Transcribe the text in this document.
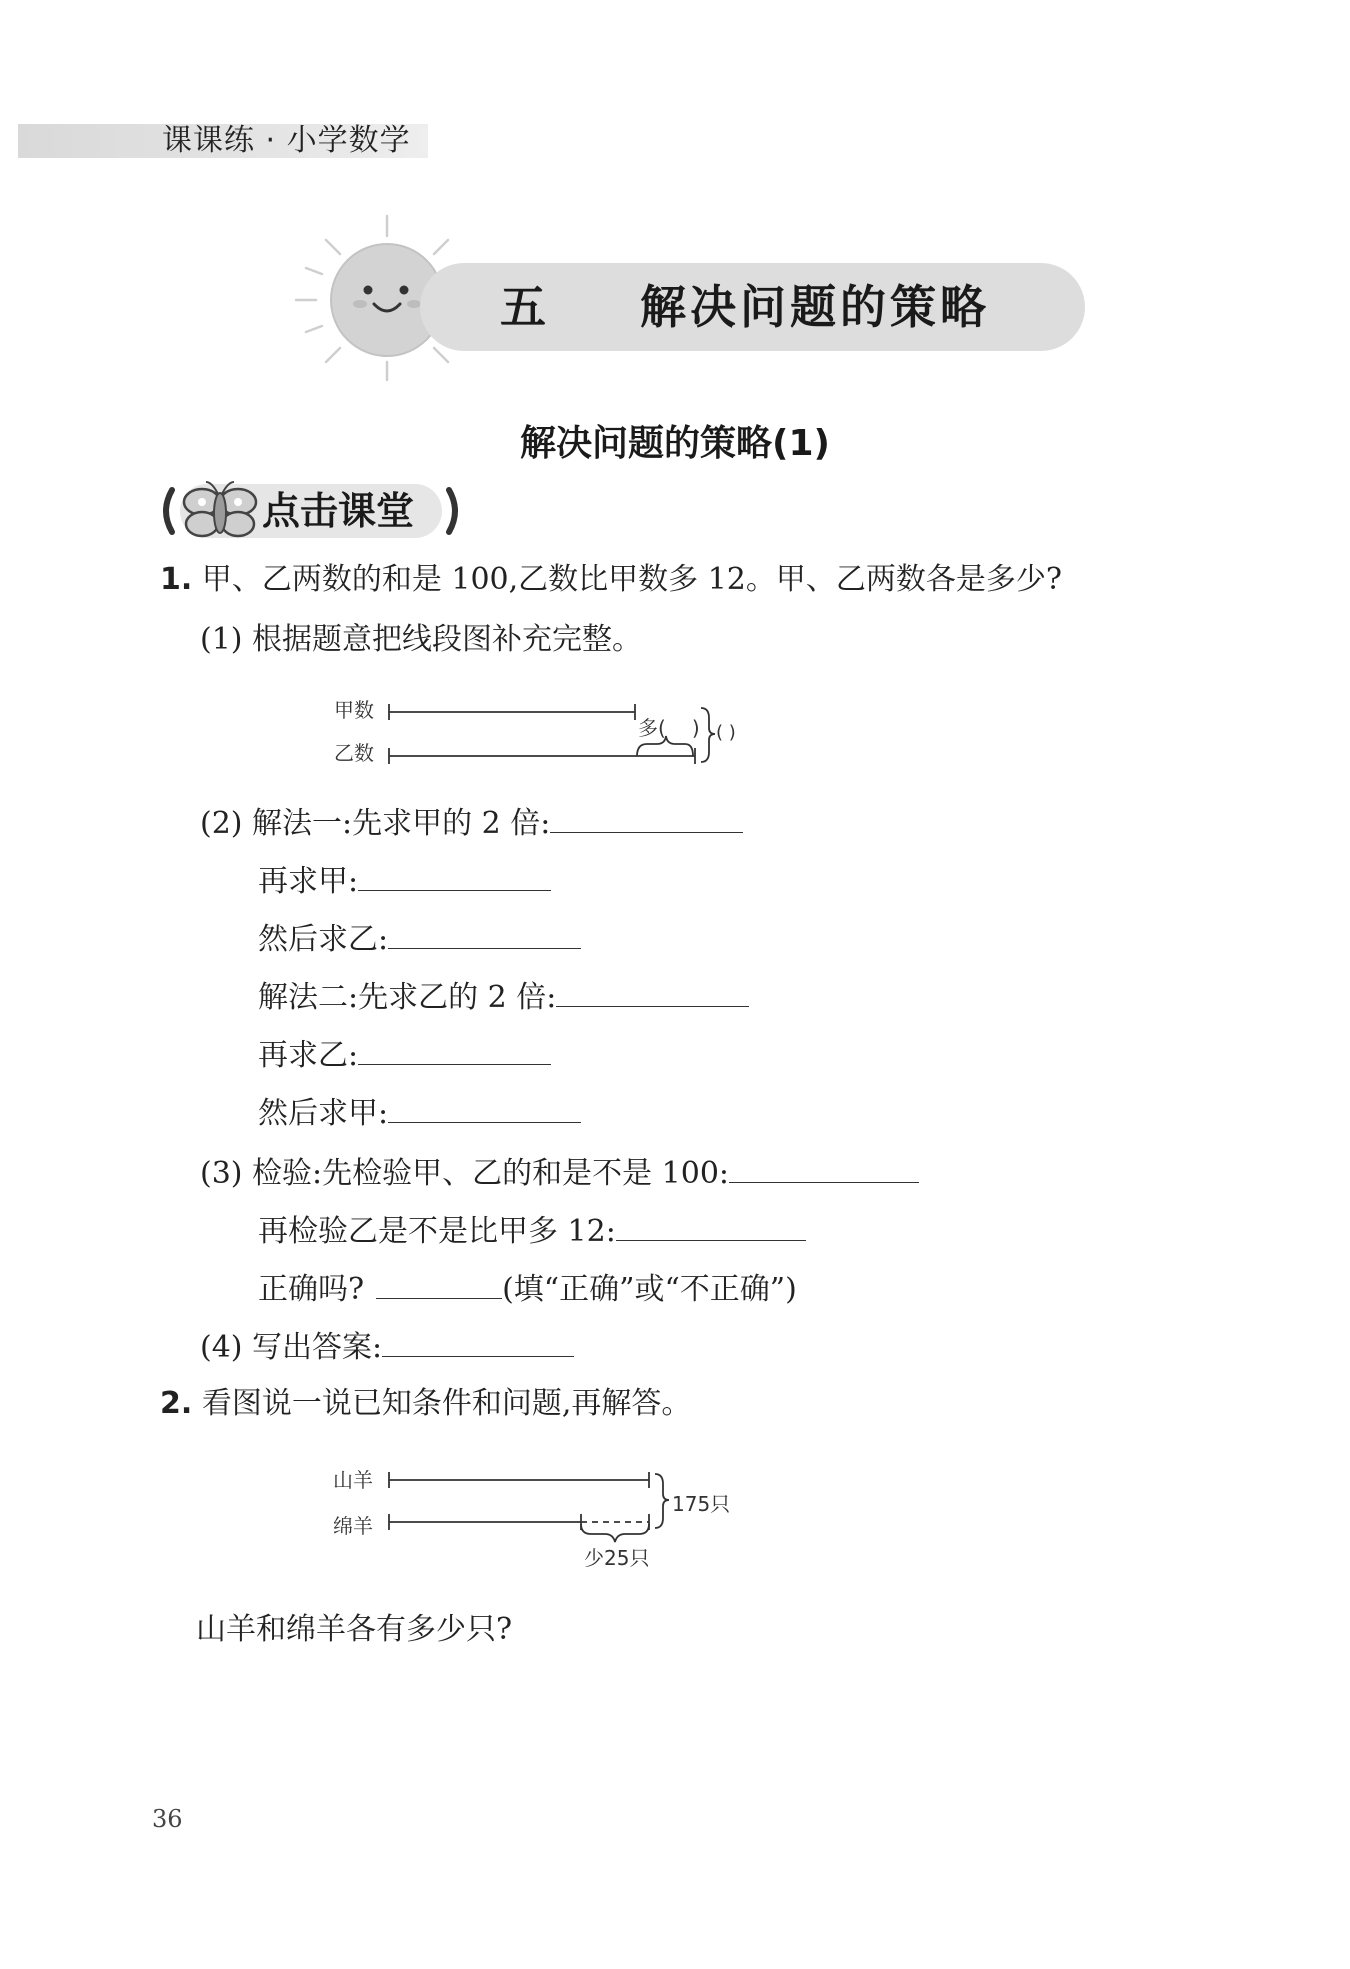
课课练 · 小学数学
五 解决问题的策略
解决问题的策略(1)
点击课堂
1. 甲、乙两数的和是 100,乙数比甲数多 12。甲、乙两数各是多少?
(1) 根据题意把线段图补充完整。
甲数
乙数
多( ) ( )
(2) 解法一:先求甲的 2 倍:
再求甲:
然后求乙:
解法二:先求乙的 2 倍:
再求乙:
然后求甲:
(3) 检验:先检验甲、乙的和是不是 100:
再检验乙是不是比甲多 12:
正确吗?	(填“正确”或“不正确”)
(4) 写出答案:
2. 看图说一说已知条件和问题,再解答。
山羊
绵羊
175只
少25只
山羊和绵羊各有多少只?
36
